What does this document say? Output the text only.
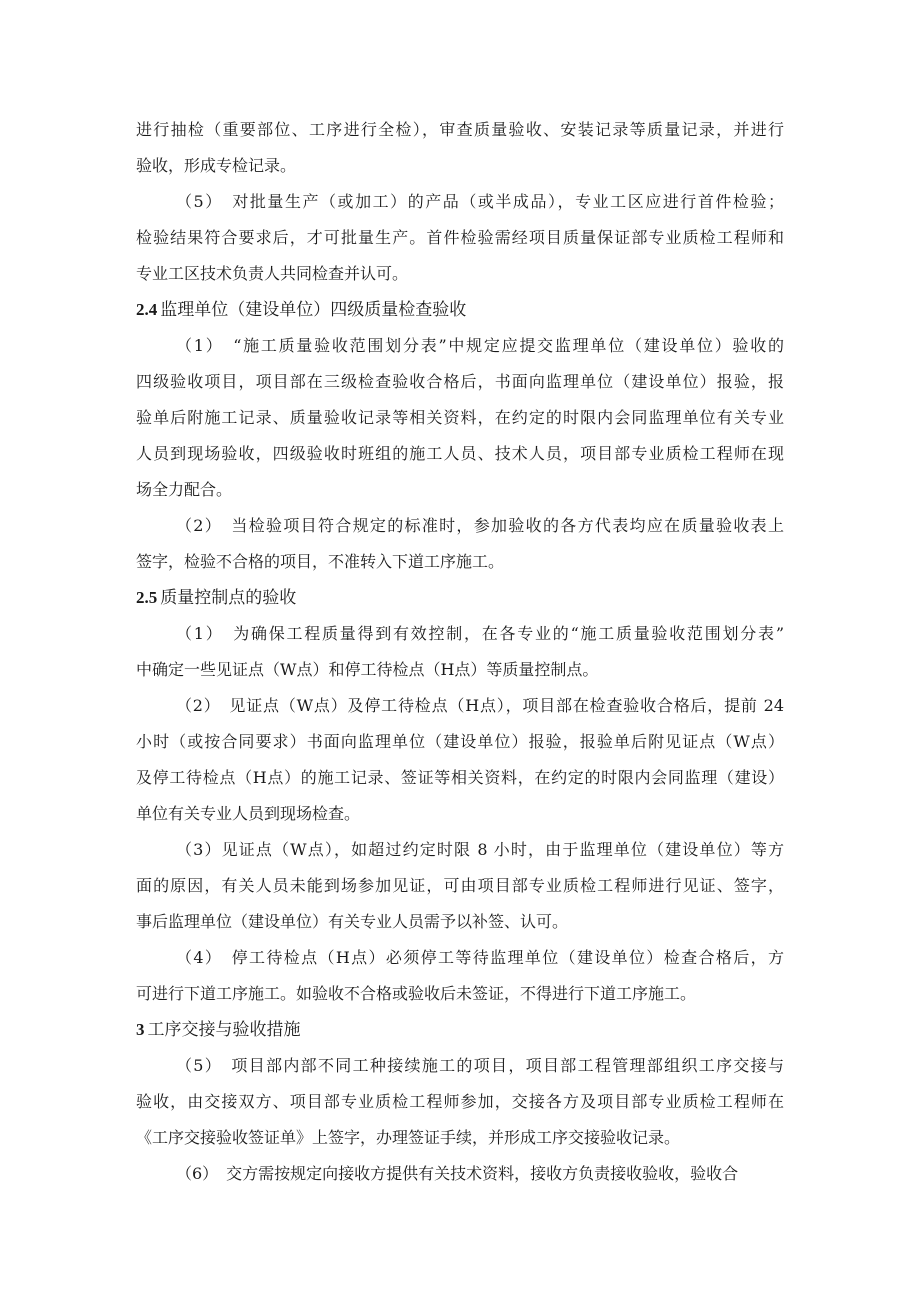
进行抽检（重要部位、工序进行全检），审查质量验收、安装记录等质量记录，并进行
验收，形成专检记录。
（5）　对批量生产（或加工）的产品（或半成品），专业工区应进行首件检验；
检验结果符合要求后，才可批量生产。首件检验需经项目质量保证部专业质检工程师和
专业工区技术负责人共同检查并认可。
2.4 监理单位（建设单位）四级质量检查验收
（1）　“施工质量验收范围划分表”中规定应提交监理单位（建设单位）验收的
四级验收项目，项目部在三级检查验收合格后，书面向监理单位（建设单位）报验，报
验单后附施工记录、质量验收记录等相关资料，在约定的时限内会同监理单位有关专业
人员到现场验收，四级验收时班组的施工人员、技术人员，项目部专业质检工程师在现
场全力配合。
（2）　当检验项目符合规定的标准时，参加验收的各方代表均应在质量验收表上
签字，检验不合格的项目，不准转入下道工序施工。
2.5 质量控制点的验收
（1）　为确保工程质量得到有效控制，在各专业的“施工质量验收范围划分表”
中确定一些见证点（W点）和停工待检点（H点）等质量控制点。
（2）　见证点（W点）及停工待检点（H点），项目部在检查验收合格后，提前 24
小时（或按合同要求）书面向监理单位（建设单位）报验，报验单后附见证点（W点）
及停工待检点（H点）的施工记录、签证等相关资料，在约定的时限内会同监理（建设）
单位有关专业人员到现场检查。
（3）见证点（W点），如超过约定时限 8 小时，由于监理单位（建设单位）等方
面的原因，有关人员未能到场参加见证，可由项目部专业质检工程师进行见证、签字，
事后监理单位（建设单位）有关专业人员需予以补签、认可。
（4）　停工待检点（H点）必须停工等待监理单位（建设单位）检查合格后，方
可进行下道工序施工。如验收不合格或验收后未签证，不得进行下道工序施工。
3 工序交接与验收措施
（5）　项目部内部不同工种接续施工的项目，项目部工程管理部组织工序交接与
验收，由交接双方、项目部专业质检工程师参加，交接各方及项目部专业质检工程师在
《工序交接验收签证单》上签字，办理签证手续，并形成工序交接验收记录。
（6）　交方需按规定向接收方提供有关技术资料，接收方负责接收验收，验收合
